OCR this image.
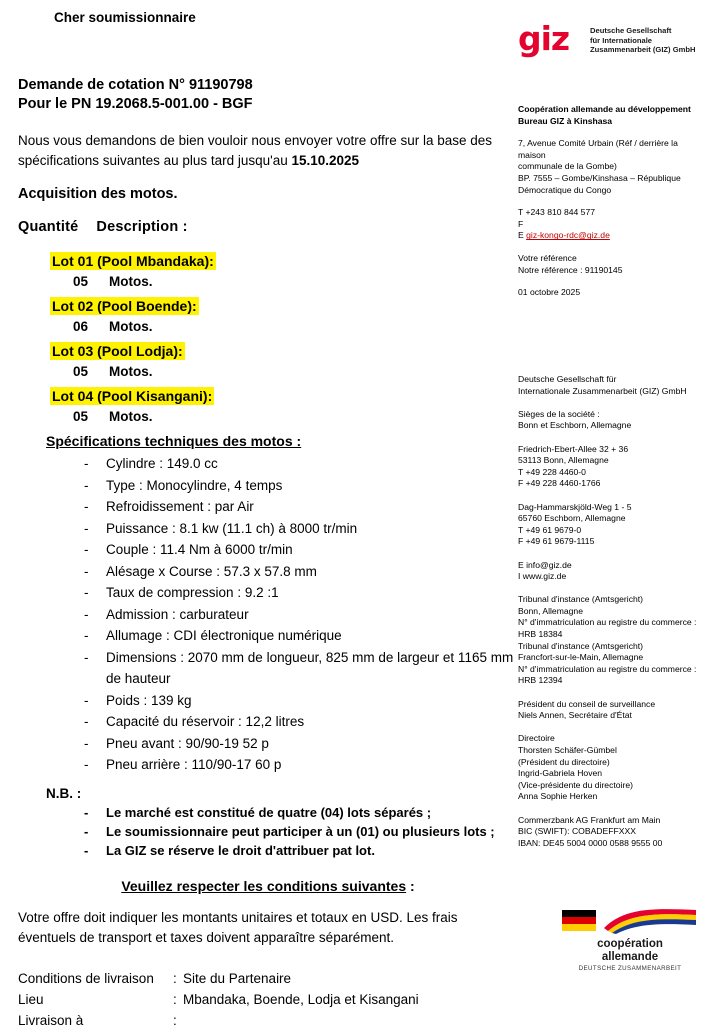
Cher soumissionnaire
Demande de cotation N° 91190798
Pour le PN 19.2068.5-001.00 - BGF
Nous vous demandons de bien vouloir nous envoyer votre offre sur la base des spécifications suivantes au plus tard jusqu'au 15.10.2025
Acquisition des motos.
Quantité Description :
Lot 01 (Pool Mbandaka):
05 Motos.
Lot 02 (Pool Boende):
06 Motos.
Lot 03 (Pool Lodja):
05 Motos.
Lot 04 (Pool Kisangani):
05 Motos.
Spécifications techniques des motos :
- Cylindre : 149.0 cc
- Type : Monocylindre, 4 temps
- Refroidissement : par Air
- Puissance : 8.1 kw (11.1 ch) à 8000 tr/min
- Couple : 11.4 Nm à 6000 tr/min
- Alésage x Course : 57.3 x 57.8 mm
- Taux de compression : 9.2 :1
- Admission : carburateur
- Allumage : CDI électronique numérique
- Dimensions : 2070 mm de longueur, 825 mm de largeur et 1165 mm de hauteur
- Poids : 139 kg
- Capacité du réservoir : 12,2 litres
- Pneu avant : 90/90-19 52 p
- Pneu arrière : 110/90-17 60 p
N.B. :
- Le marché est constitué de quatre (04) lots séparés ;
- Le soumissionnaire peut participer à un (01) ou plusieurs lots ;
- La GIZ se réserve le droit d'attribuer pat lot.
Veuillez respecter les conditions suivantes :
Votre offre doit indiquer les montants unitaires et totaux en USD. Les frais éventuels de transport et taxes doivent apparaître séparément.
Conditions de livraison	: Site du Partenaire
Lieu	: Mbandaka, Boende, Lodja et Kisangani
Livraison à	:
giz	Deutsche Gesellschaft
für Internationale
Zusammenarbeit (GIZ) GmbH
Coopération allemande au développement
Bureau GIZ à Kinshasa
7, Avenue Comité Urbain (Réf / derrière la maison
communale de la Gombe)
BP. 7555 – Gombe/Kinshasa – République
Démocratique du Congo
T +243 810 844 577
F
E giz-kongo-rdc@giz.de
Votre référence
Notre référence : 91190145
01 octobre 2025
Deutsche Gesellschaft für
Internationale Zusammenarbeit (GIZ) GmbH

Sièges de la société :
Bonn et Eschborn, Allemagne

Friedrich-Ebert-Allee 32 + 36
53113 Bonn, Allemagne
T +49 228 4460-0
F +49 228 4460-1766

Dag-Hammarskjöld-Weg 1 - 5
65760 Eschborn, Allemagne
T +49 61 9679-0
F +49 61 9679-1115

E info@giz.de
I www.giz.de

Tribunal d'instance (Amtsgericht)
Bonn, Allemagne
N° d'immatriculation au registre du commerce :
HRB 18384
Tribunal d'instance (Amtsgericht)
Francfort-sur-le-Main, Allemagne
N° d'immatriculation au registre du commerce :
HRB 12394

Président du conseil de surveillance
Niels Annen, Secrétaire d'État

Directoire
Thorsten Schäfer-Gümbel
(Président du directoire)
Ingrid-Gabriela Hoven
(Vice-présidente du directoire)
Anna Sophie Herken

Commerzbank AG Frankfurt am Main
BIC (SWIFT): COBADEFFXXX
IBAN: DE45 5004 0000 0588 9555 00

coopération
allemande
DEUTSCHE ZUSAMMENARBEIT
